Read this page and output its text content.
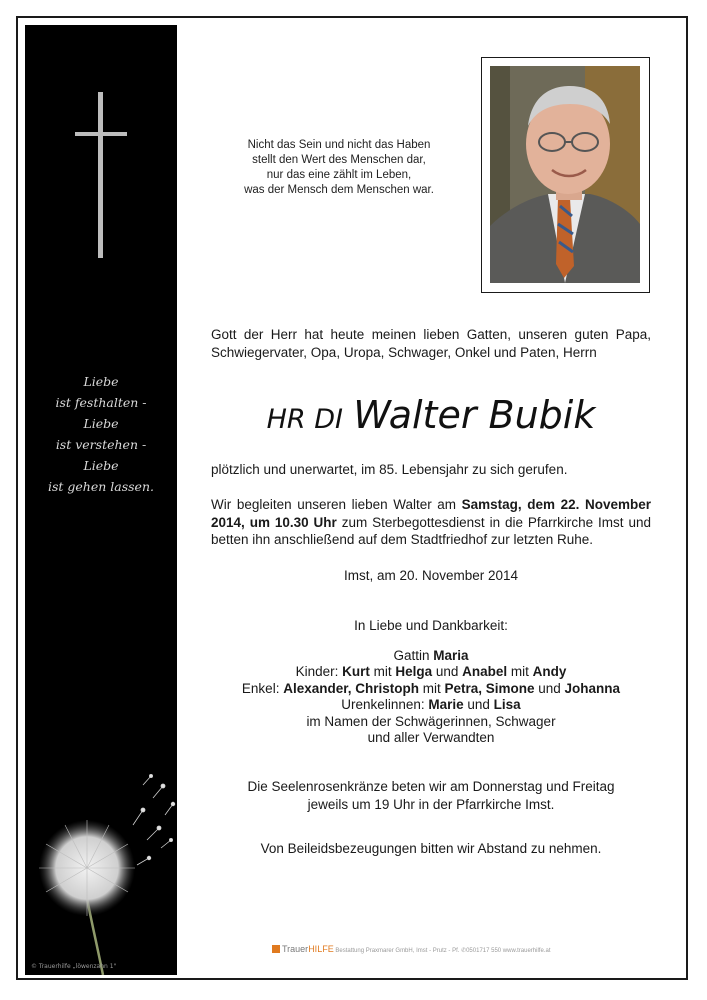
Liebe
ist festhalten -
Liebe
ist verstehen -
Liebe
ist gehen lassen.
© Trauerhilfe „löwenzahn 1"
Nicht das Sein und nicht das Haben
stellt den Wert des Menschen dar,
nur das eine zählt im Leben,
was der Mensch dem Menschen war.
Gott der Herr hat heute meinen lieben Gatten, unseren guten Papa, Schwiegervater, Opa, Uropa, Schwager, Onkel und Paten, Herrn
HR DI Walter Bubik
plötzlich und unerwartet, im 85. Lebensjahr zu sich gerufen.
Wir begleiten unseren lieben Walter am Samstag, dem 22. November 2014, um 10.30 Uhr zum Sterbegottesdienst in die Pfarrkirche Imst und betten ihn anschließend auf dem Stadtfriedhof zur letzten Ruhe.
Imst, am 20. November 2014
In Liebe und Dankbarkeit:
Gattin Maria
Kinder: Kurt mit Helga und Anabel mit Andy
Enkel: Alexander, Christoph mit Petra, Simone und Johanna
Urenkelinnen: Marie und Lisa
im Namen der Schwägerinnen, Schwager
und aller Verwandten
Die Seelenrosenkränze beten wir am Donnerstag und Freitag jeweils um 19 Uhr in der Pfarrkirche Imst.
Von Beileidsbezeugungen bitten wir Abstand zu nehmen.
TrauerHILFE Bestattung Praxmarer GmbH, Imst - Prutz - Pf. ✆0501717 550 www.trauerhilfe.at
